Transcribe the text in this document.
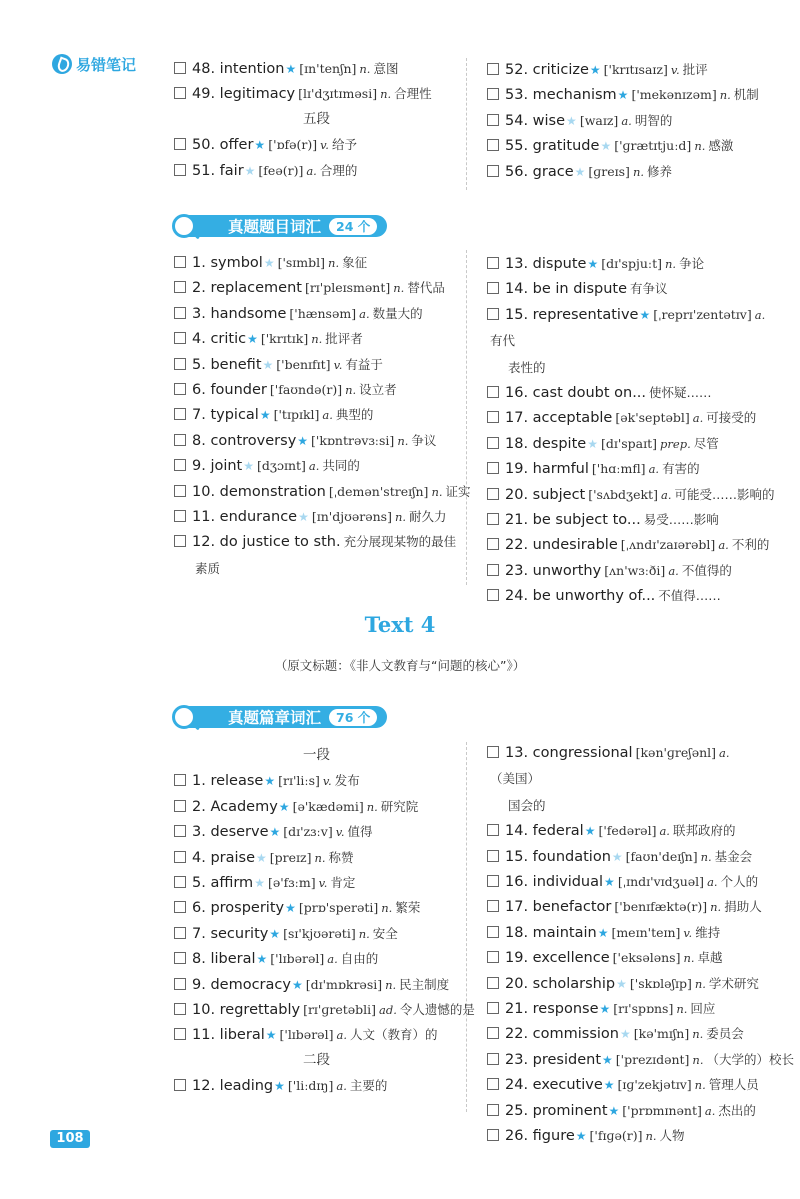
易错笔记	48. intention★ [ɪn'tenʃn] n. 意图
49. legitimacy [lɪ'dʒɪtɪməsi] n. 合理性
五段
50. offer★ ['ɒfə(r)] v. 给予
51. fair★ [feə(r)] a. 合理的
52. criticize★ ['krɪtɪsaɪz] v. 批评
53. mechanism★ ['mekənɪzəm] n. 机制
54. wise★ [waɪz] a. 明智的
55. gratitude★ ['ɡrætɪtjuːd] n. 感激
56. grace★ [ɡreɪs] n. 修养
真题题目词汇	24 个
1. symbol★ ['sɪmbl] n. 象征
2. replacement [rɪ'pleɪsmənt] n. 替代品
3. handsome ['hænsəm] a. 数量大的
4. critic★ ['krɪtɪk] n. 批评者
5. benefit★ ['benɪfɪt] v. 有益于
6. founder ['faʊndə(r)] n. 设立者
7. typical★ ['tɪpɪkl] a. 典型的
8. controversy★ ['kɒntrəvɜːsi] n. 争议
9. joint★ [dʒɔɪnt] a. 共同的
10. demonstration [ˌdemən'streɪʃn] n. 证实
11. endurance★ [ɪn'djʊərəns] n. 耐久力
12. do justice to sth. 充分展现某物的最佳
素质
13. dispute★ [dɪ'spjuːt] n. 争论
14. be in dispute 有争议
15. representative★ [ˌreprɪ'zentətɪv] a.有代
表性的
16. cast doubt on... 使怀疑……
17. acceptable [ək'septəbl] a. 可接受的
18. despite★ [dɪ'spaɪt] prep. 尽管
19. harmful ['hɑːmfl] a. 有害的
20. subject ['sʌbdʒekt] a. 可能受……影响的
21. be subject to... 易受……影响
22. undesirable [ˌʌndɪ'zaɪərəbl] a. 不利的
23. unworthy [ʌn'wɜːði] a. 不值得的
24. be unworthy of... 不值得……
Text 4
（原文标题：《非人文教育与“问题的核心”》）
真题篇章词汇	76 个
一段
1. release★ [rɪ'liːs] v. 发布
2. Academy★ [ə'kædəmi] n. 研究院
3. deserve★ [dɪ'zɜːv] v. 值得
4. praise★ [preɪz] n. 称赞
5. affirm★ [ə'fɜːm] v. 肯定
6. prosperity★ [prɒ'sperəti] n. 繁荣
7. security★ [sɪ'kjʊərəti] n. 安全
8. liberal★ ['lɪbərəl] a. 自由的
9. democracy★ [dɪ'mɒkrəsi] n. 民主制度
10. regrettably [rɪ'ɡretəbli] ad. 令人遗憾的是
11. liberal★ ['lɪbərəl] a. 人文（教育）的
二段
12. leading★ ['liːdɪŋ] a. 主要的
13. congressional [kən'ɡreʃənl] a.（美国）
国会的
14. federal★ ['fedərəl] a. 联邦政府的
15. foundation★ [faʊn'deɪʃn] n. 基金会
16. individual★ [ˌɪndɪ'vɪdʒuəl] a. 个人的
17. benefactor ['benɪfæktə(r)] n. 捐助人
18. maintain★ [meɪn'teɪn] v. 维持
19. excellence ['eksələns] n. 卓越
20. scholarship★ ['skɒləʃɪp] n. 学术研究
21. response★ [rɪ'spɒns] n. 回应
22. commission★ [kə'mɪʃn] n. 委员会
23. president★ ['prezɪdənt] n. （大学的）校长
24. executive★ [ɪɡ'zekjətɪv] n. 管理人员
25. prominent★ ['prɒmɪnənt] a. 杰出的
26. figure★ ['fɪɡə(r)] n. 人物
108
